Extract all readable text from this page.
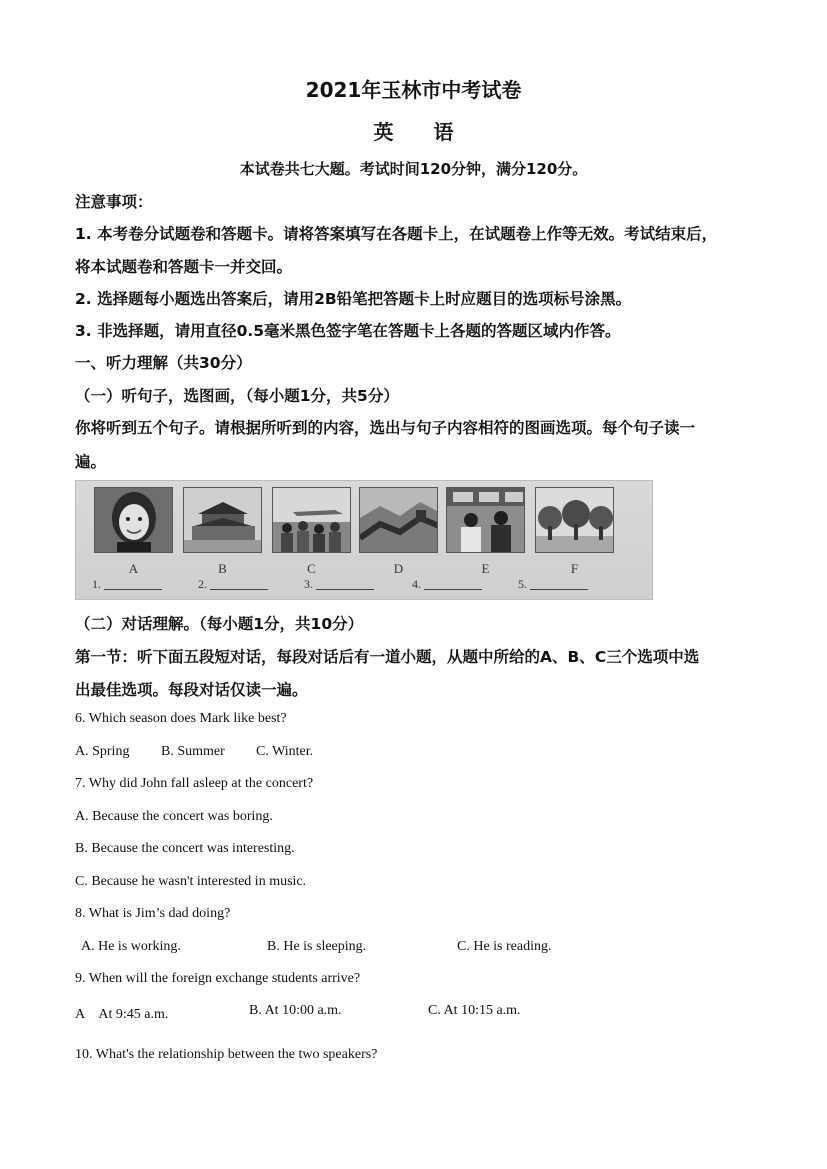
2021年玉林市中考试卷
英　　语
本试卷共七大题。考试时间120分钟，满分120分。
注意事项：
1. 本考卷分试题卷和答题卡。请将答案填写在各题卡上，在试题卷上作等无效。考试结束后，
将本试题卷和答题卡一并交回。
2. 选择题每小题选出答案后，请用2B铅笔把答题卡上时应题目的选项标号涂黑。
3. 非选择题，请用直径0.5毫米黑色签字笔在答题卡上各题的答题区域内作答。
一、听力理解（共30分）
（一）听句子，选图画，（每小题1分，共5分）
你将听到五个句子。请根据所听到的内容，选出与句子内容相符的图画选项。每个句子读一
遍。
A	B	C	D	E	F
1.	2.	3.	4.	5.
（二）对话理解。（每小题1分，共10分）
第一节：听下面五段短对话，每段对话后有一道小题，从题中所给的A、B、C三个选项中选
出最佳选项。每段对话仅读一遍。
6. Which season does Mark like best?
A. Spring B. Summer C. Winter.
7. Why did John fall asleep at the concert?
A. Because the concert was boring.
B. Because the concert was interesting.
C. Because he wasn't interested in music.
8. What is Jim’s dad doing?
A. He is working.	B. He is sleeping.	C. He is reading.
9. When will the foreign exchange students arrive?
A　At 9:45 a.m.	B. At 10:00 a.m.	C. At 10:15 a.m.
10. What's the relationship between the two speakers?
